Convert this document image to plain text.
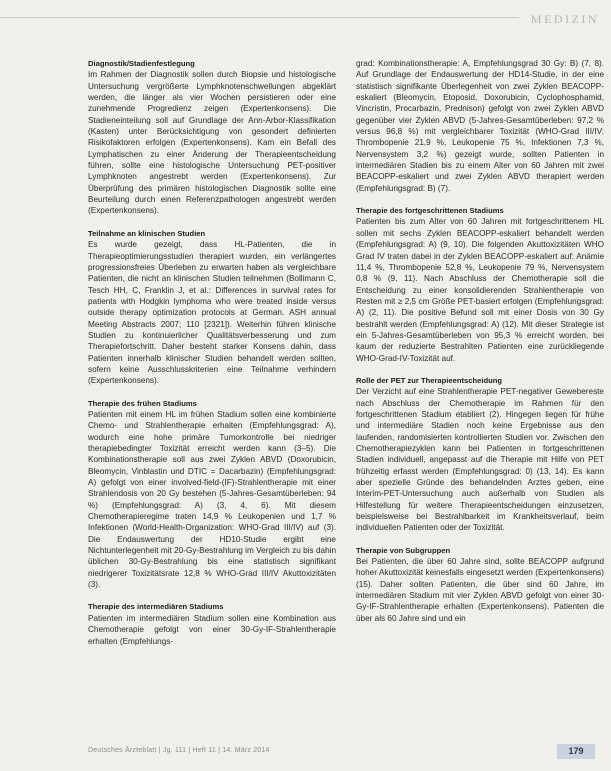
MEDIZIN
Diagnostik/Stadienfestlegung

Im Rahmen der Diagnostik sollen durch Biopsie und histologische Untersuchung vergrößerte Lymphknotenschwellungen abgeklärt werden, die länger als vier Wochen persistieren oder eine zunehmende Progredienz zeigen (Expertenkonsens). Die Stadieneinteilung soll auf Grundlage der Ann-Arbor-Klassifikation (Kasten) unter Berücksichtigung von gesondert definierten Risikofaktoren erfolgen (Expertenkonsens). Kam ein Befall des Lymphatischen zu einer Änderung der Therapieentscheidung führen, sollte eine histologische Untersuchung PET-positiver Lymphknoten angestrebt werden (Expertenkonsens). Zur Überprüfung des primären histologischen Diagnostik sollte eine Beurteilung durch einen Referenzpathologen angestrebt werden (Expertenkonsens).

Teilnahme an klinischen Studien

Es wurde gezeigt, dass HL-Patienten, die in Therapieoptimierungsstudien therapiert wurden, ein verlängertes progressionsfreies Überleben zu erwarten haben als vergleichbare Patienten, die nicht an klinischen Studien teilnehmen (Bollimann C, Tesch HH, C, Franklin J, et al.: Differences in survival rates for patients with Hodgkin lymphoma who were treated inside versus outside therapy optimization protocols at German. ASH annual Meeting Abstracts 2007; 110 [2321]). Weiterhin führen klinische Studien zu kontinuierlicher Qualitätsverbesserung und zum Therapiefortschritt. Daher besteht starker Konsens dahin, dass Patienten innerhalb klinischer Studien behandelt werden sollten, sofern keine Ausschlusskriterien eine Teilnahme verhindern (Expertenkonsens).

Therapie des frühen Stadiums

Patienten mit einem HL im frühen Stadium sollen eine kombinierte Chemo- und Strahlentherapie erhalten (Empfehlungsgrad: A), wodurch eine hohe primäre Tumorkontrolle bei niedriger therapiebedingter Toxizität erreicht werden kann (3–5). Die Kombinationstherapie soll aus zwei Zyklen ABVD (Doxorubicin, Bleomycin, Vinblastin und DTIC = Dacarbazin) (Empfehlungsgrad: A) gefolgt von einer involved-field-(IF)-Strahlentherapie mit einer Strahlendosis von 20 Gy bestehen (5-Jahres-Gesamtüberleben: 94 %) (Empfehlungsgrad: A) (3, 4, 6). Mit diesem Chemotherapieregime traten 14,9 % Leukopenien und 1,7 % Infektionen (World-Health-Organization: WHO-Grad III/IV) auf (3). Die Endauswertung der HD10-Studie ergibt eine Nichtunterlegenheit mit 20-Gy-Bestrahlung im Vergleich zu bis dahin üblichen 30-Gy-Bestrahlung bis eine statistisch signifikant niedrigerer Toxizitätsrate 12,8 % WHO-Grad III/IV Akuttoxizitäten (3).

Therapie des intermediären Stadiums

Patienten im intermediären Stadium sollen eine Kombination aus Chemotherapie gefolgt von einer 30-Gy-IF-Strahlentherapie erhalten (Empfehlungs-

grad: Kombinationstherapie: A, Empfehlungsgrad 30 Gy: B) (7, 8). Auf Grundlage der Endauswertung der HD14-Studie, in der eine statistisch signifikante Überlegenheit von zwei Zyklen BEACOPP-eskaliert (Bleomycin, Etoposid, Doxorubicin, Cyclophosphamid, Vincristin, Procarbazin, Prednison) gefolgt von zwei Zyklen ABVD gegenüber vier Zyklen ABVD (5-Jahres-Gesamtüberleben: 97,2 % versus 96,8 %) mit vergleichbarer Toxizität (WHO-Grad III/IV: Thrombopenie 21,9 %, Leukopenie 75 %, Infektionen 7,3 %, Nervensystem 3,2 %) gezeigt wurde, sollten Patienten in intermediären Stadien bis zu einem Alter von 60 Jahren mit zwei BEACOPP-eskaliert und zwei Zyklen ABVD therapiert werden (Empfehlungsgrad: B) (7).

Therapie des fortgeschrittenen Stadiums

Patienten bis zum Alter von 60 Jahren mit fortgeschrittenem HL sollen mit sechs Zyklen BEACOPP-eskaliert behandelt werden (Empfehlungsgrad: A) (9, 10). Die folgenden Akuttoxizitäten WHO Grad IV traten dabei in der Zyklen BEACOPP-eskaliert auf: Anämie 11,4 %, Thrombopenie 52,8 %, Leukopenie 79 %, Nervensystem 0,8 % (9, 11). Nach Abschluss der Chemotherapie soll die Entscheidung zu einer konsolidierenden Strahlentherapie von Resten mit ≥ 2,5 cm Größe PET-basiert erfolgen (Empfehlungsgrad: A) (2, 11). Die positive Befund soll mit einer Dosis von 30 Gy bestrahlt werden (Empfehlungsgrad: A) (12). Mit dieser Strategie ist ein 5-Jahres-Gesamtüberleben von 95,3 % erreicht worden, bei kaum der reduzierte Bestrahlten Patienten eine zurückliegende WHO-Grad-IV-Toxizität auf.

Rolle der PET zur Therapieentscheidung

Der Verzicht auf eine Strahlentherapie PET-negativer Gewebereste nach Abschluss der Chemotherapie im Rahmen für den fortgeschrittenen Stadium etabliert (2). Hingegen liegen für frühe und intermediäre Stadien noch keine Ergebnisse aus den laufenden, randomisierten kontrollierten Studien vor. Zwischen den Chemotherapiezyklen kann bei Patienten in fortgeschrittenen Stadien individuell, angepasst auf die Therapie mit Hilfe von PET frühzeitig erfasst werden (Empfehlungsgrad: 0) (13, 14). Es kann aber spezielle Gründe des behandelnden Arztes geben, eine Interim-PET-Untersuchung auch außerhalb von Studien als Hilfestellung für weitere Therapieentscheidungen einzusetzen, beispielsweise bei Bestrahlbarkeit im Krankheitsverlauf, beim individuellen Patienten oder der Toxizität.

Therapie von Subgruppen

Bei Patienten, die über 60 Jahre sind, sollte BEACOPP aufgrund hoher Akuttoxizität keinesfalls eingesetzt werden (Expertenkonsens) (15). Daher sollten Patienten, die über sind 60 Jahre, im intermediären Stadium mit vier Zyklen ABVD gefolgt von einer 30-Gy-IF-Strahlentherapie erhalten (Expertenkonsens). Patienten die über als 60 Jahre sind und ein

Deutsches Ärzteblatt | Jg. 111 | Heft 11 | 14. März 2014	179
